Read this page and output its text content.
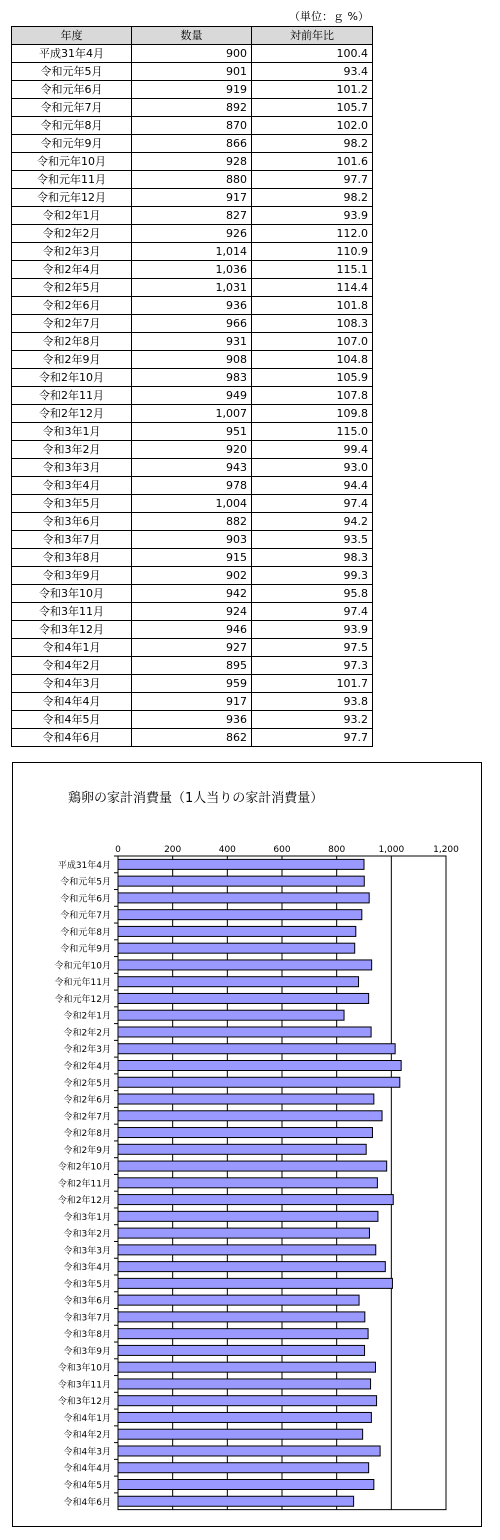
（単位：ｇ %）
年度	数量	対前年比
平成31年4月	900	100.4
令和元年5月	901	93.4
令和元年6月	919	101.2
令和元年7月	892	105.7
令和元年8月	870	102.0
令和元年9月	866	98.2
令和元年10月	928	101.6
令和元年11月	880	97.7
令和元年12月	917	98.2
令和2年1月	827	93.9
令和2年2月	926	112.0
令和2年3月	1,014	110.9
令和2年4月	1,036	115.1
令和2年5月	1,031	114.4
令和2年6月	936	101.8
令和2年7月	966	108.3
令和2年8月	931	107.0
令和2年9月	908	104.8
令和2年10月	983	105.9
令和2年11月	949	107.8
令和2年12月	1,007	109.8
令和3年1月	951	115.0
令和3年2月	920	99.4
令和3年3月	943	93.0
令和3年4月	978	94.4
令和3年5月	1,004	97.4
令和3年6月	882	94.2
令和3年7月	903	93.5
令和3年8月	915	98.3
令和3年9月	902	99.3
令和3年10月	942	95.8
令和3年11月	924	97.4
令和3年12月	946	93.9
令和4年1月	927	97.5
令和4年2月	895	97.3
令和4年3月	959	101.7
令和4年4月	917	93.8
令和4年5月	936	93.2
令和4年6月	862	97.7
鶏卵の家計消費量（1人当りの家計消費量）
0	200	400	600	800	1,000	1,200
平成31年4月
令和元年5月
令和元年6月
令和元年7月
令和元年8月
令和元年9月
令和元年10月
令和元年11月
令和元年12月
令和2年1月
令和2年2月
令和2年3月
令和2年4月
令和2年5月
令和2年6月
令和2年7月
令和2年8月
令和2年9月
令和2年10月
令和2年11月
令和2年12月
令和3年1月
令和3年2月
令和3年3月
令和3年4月
令和3年5月
令和3年6月
令和3年7月
令和3年8月
令和3年9月
令和3年10月
令和3年11月
令和3年12月
令和4年1月
令和4年2月
令和4年3月
令和4年4月
令和4年5月
令和4年6月
